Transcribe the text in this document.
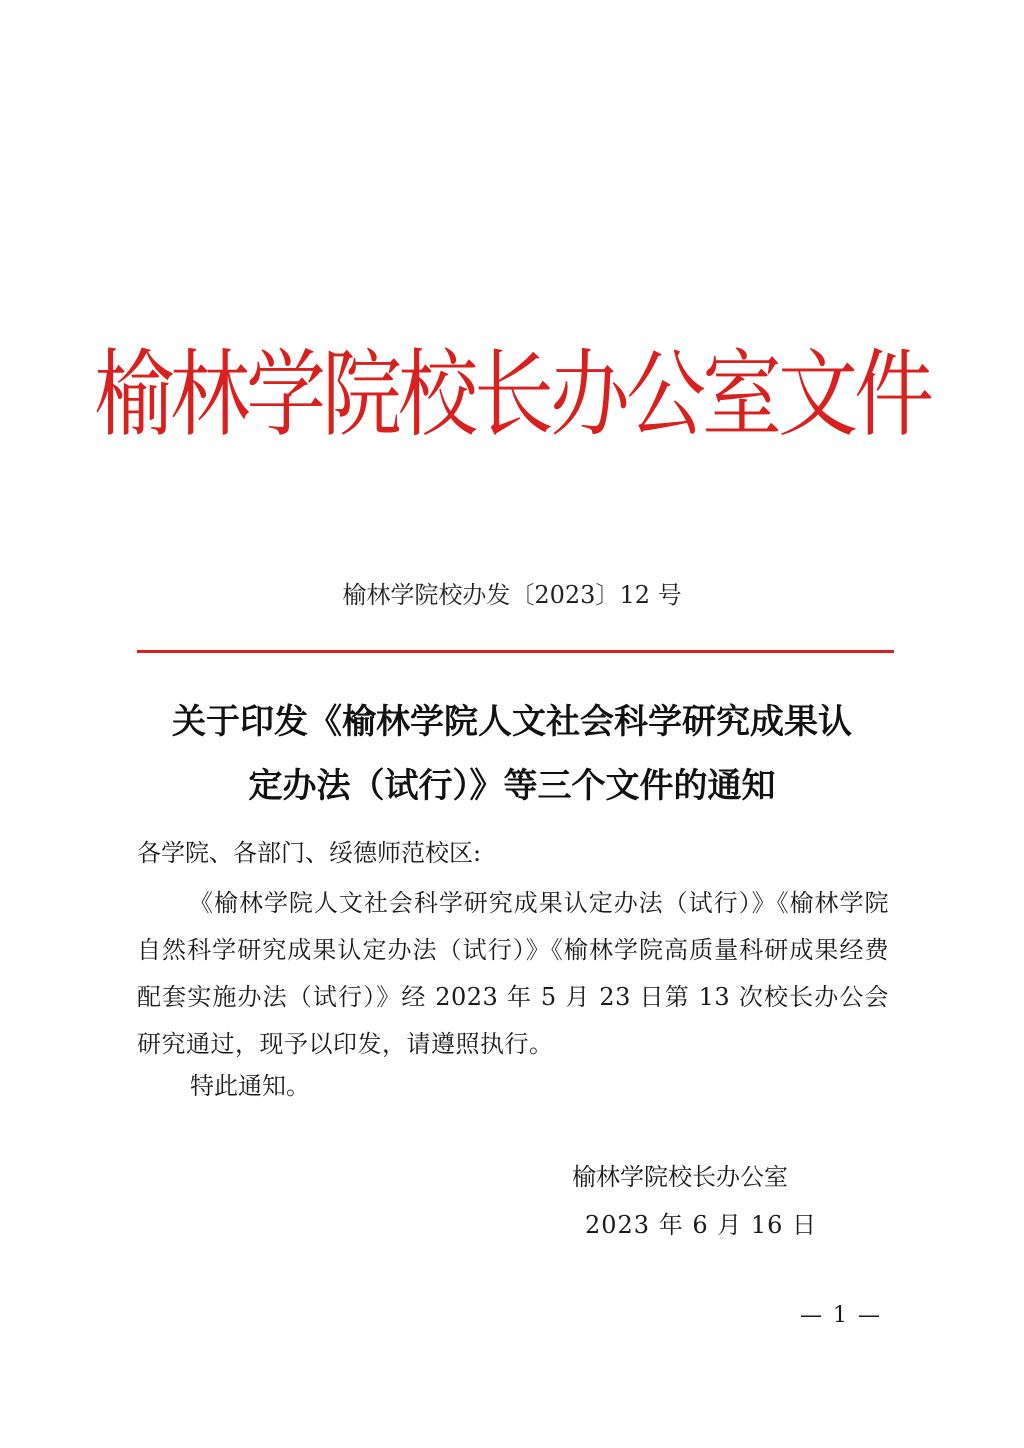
榆林学院校长办公室文件
榆林学院校办发〔2023〕12 号
关于印发《榆林学院人文社会科学研究成果认
定办法（试行）》等三个文件的通知
各学院、各部门、绥德师范校区:

《榆林学院人文社会科学研究成果认定办法（试行）》《榆林学院自然科学研究成果认定办法（试行）》《榆林学院高质量科研成果经费配套实施办法（试行）》经 2023 年 5 月 23 日第 13 次校长办公会研究通过，现予以印发，请遵照执行。

特此通知。
榆林学院校长办公室
2023 年 6 月 16 日
— 1 —
